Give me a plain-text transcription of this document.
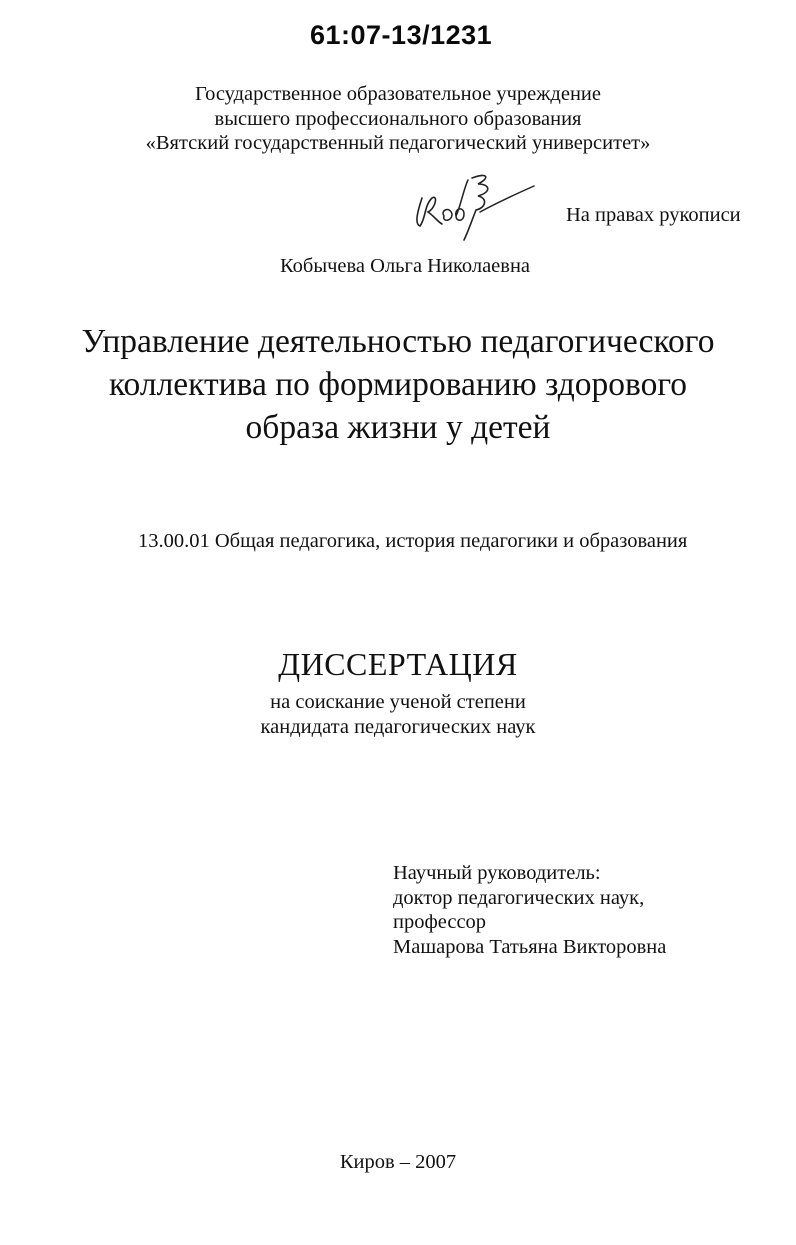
61:07-13/1231
Государственное образовательное учреждение
высшего профессионального образования
«Вятский государственный педагогический университет»
На правах рукописи
Кобычева Ольга Николаевна
Управление деятельностью педагогического
коллектива по формированию здорового
образа жизни у детей
13.00.01 Общая педагогика, история педагогики и образования
ДИССЕРТАЦИЯ
на соискание ученой степени
кандидата педагогических наук
Научный руководитель:
доктор педагогических наук,
профессор
Машарова Татьяна Викторовна
Киров – 2007
